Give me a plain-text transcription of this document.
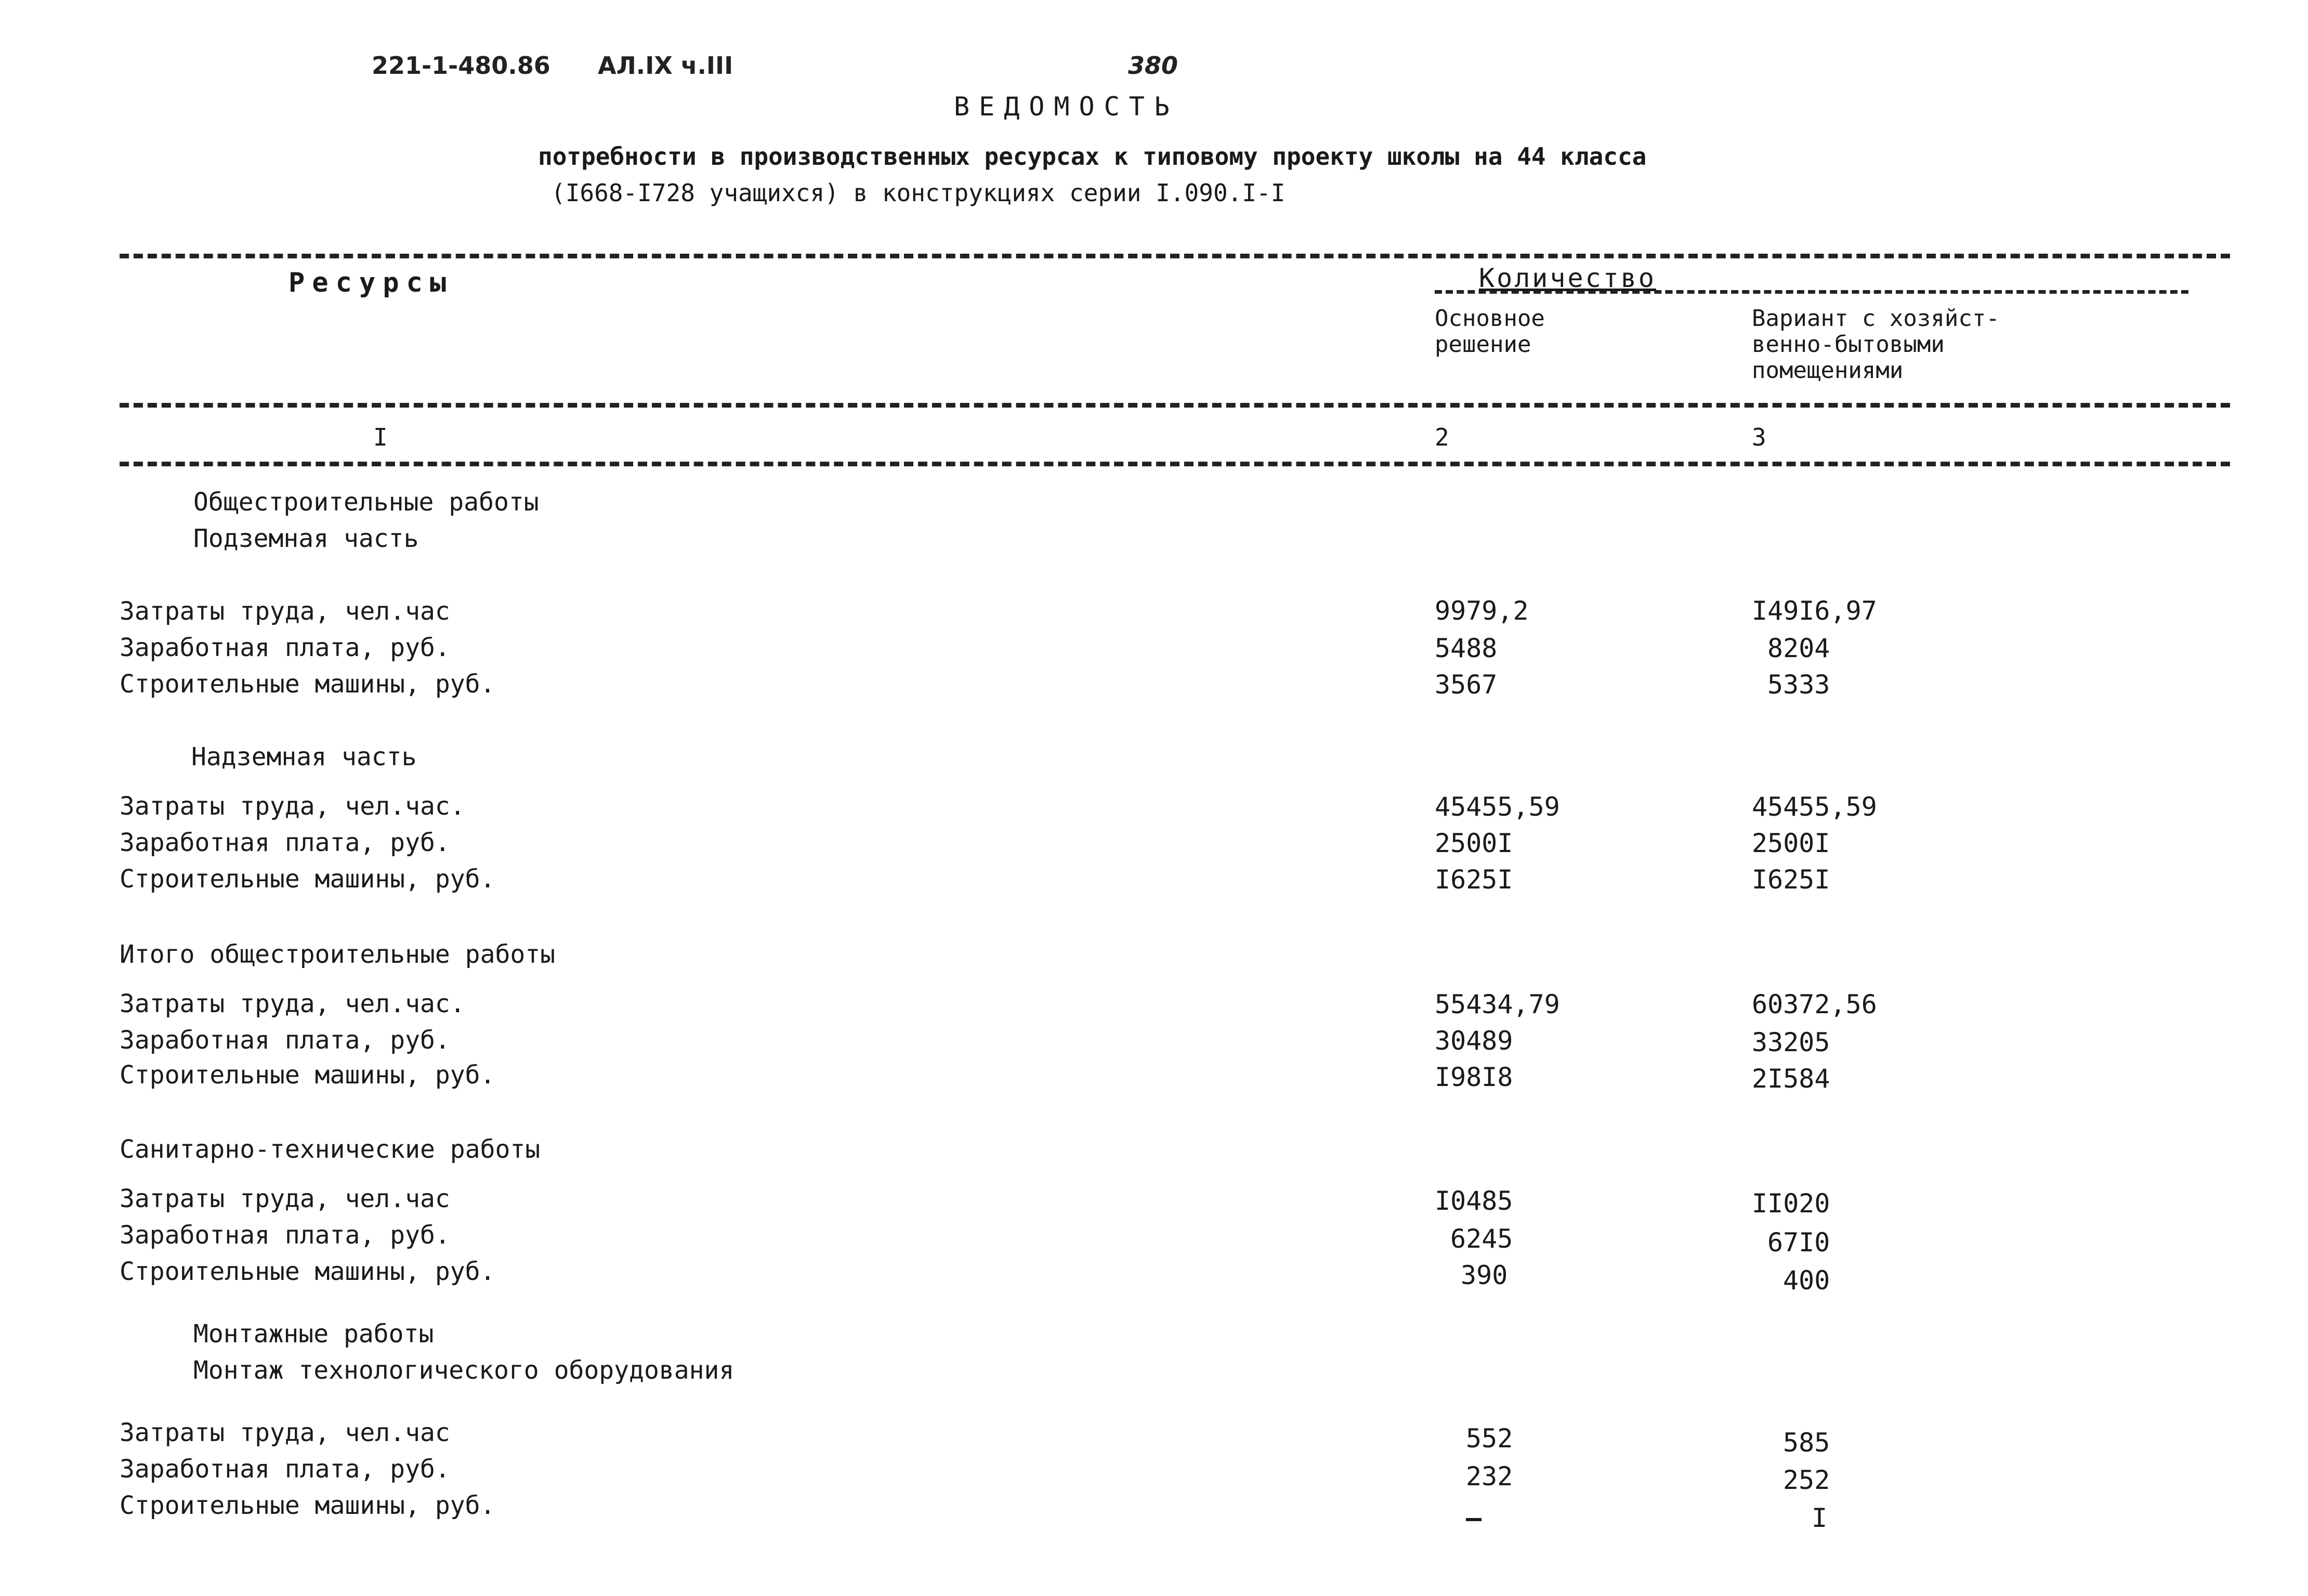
221-1-480.86 АЛ.IX ч.III	380
ВЕДОМОСТЬ
потребности в производственных ресурсах к типовому проекту школы на 44 класса
(I668-I728 учащихся) в конструкциях серии I.090.I-I
Ресурсы	Количество
Основное решение
Вариант с хозяйст-венно-бытовыми помещениями
I	2	3
Общестроительные работы
Подземная часть
Затраты труда, чел.час	9979,2	I49I6,97
Заработная плата, руб.	5488	8204
Строительные машины, руб.	3567	5333
Надземная часть
Затраты труда, чел.час.	45455,59	45455,59
Заработная плата, руб.	2500I	2500I
Строительные машины, руб.	I625I	I625I
Итого общестроительные работы
Затраты труда, чел.час.	55434,79	60372,56
Заработная плата, руб.	30489	33205
Строительные машины, руб.	I98I8	2I584
Санитарно-технические работы
Затраты труда, чел.час	I0485	II020
Заработная плата, руб.	6245	67I0
Строительные машины, руб.	390	400
Монтажные работы
Монтаж технологического оборудования
Затраты труда, чел.час	552	585
Заработная плата, руб.	232	252
Строительные машины, руб.	–	I
